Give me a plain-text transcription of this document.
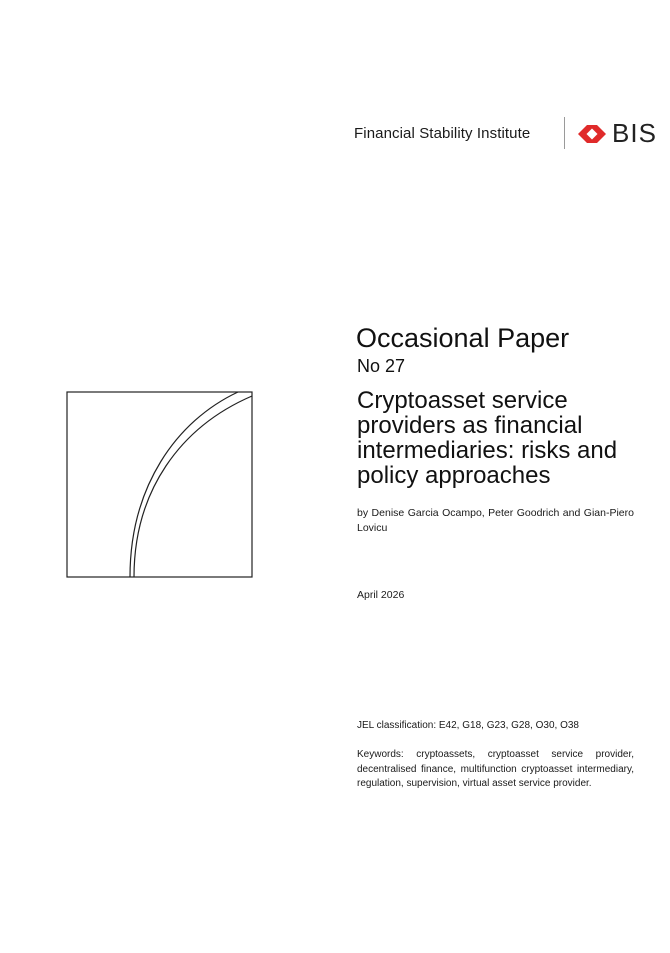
Financial Stability Institute	BIS
Occasional Paper
No 27
Cryptoasset service providers as financial intermediaries: risks and policy approaches
by Denise Garcia Ocampo, Peter Goodrich and Gian-Piero Lovicu
April 2026
JEL classification: E42, G18, G23, G28, O30, O38
Keywords: cryptoassets, cryptoasset service provider, decentralised finance, multifunction cryptoasset intermediary, regulation, supervision, virtual asset service provider.
